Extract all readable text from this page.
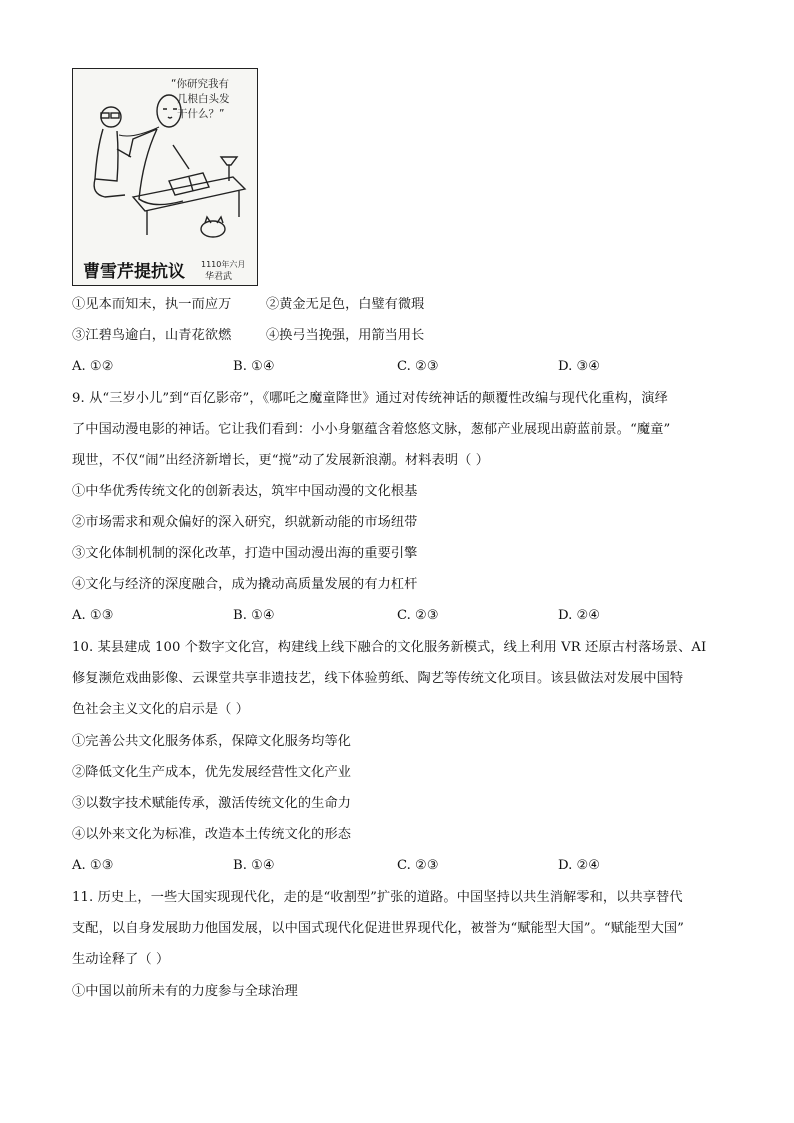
“你研究我有
几根白头发
干什么？”
曹雪芹提抗议 1110年六月
华君武
①见本而知末，执一而应万	②黄金无足色，白璧有微瑕
③江碧鸟逾白，山青花欲燃	④换弓当挽强，用箭当用长
A. ①②	B. ①④	C. ②③	D. ③④
9. 从“三岁小儿”到“百亿影帝”，《哪吒之魔童降世》通过对传统神话的颠覆性改编与现代化重构，演绎
了中国动漫电影的神话。它让我们看到：小小身躯蕴含着悠悠文脉，葱郁产业展现出蔚蓝前景。“魔童”
现世，不仅“闹”出经济新增长，更“搅”动了发展新浪潮。材料表明（ ）
①中华优秀传统文化的创新表达，筑牢中国动漫的文化根基
②市场需求和观众偏好的深入研究，织就新动能的市场纽带
③文化体制机制的深化改革，打造中国动漫出海的重要引擎
④文化与经济的深度融合，成为撬动高质量发展的有力杠杆
A. ①③	B. ①④	C. ②③	D. ②④
10. 某县建成 100 个数字文化宫，构建线上线下融合的文化服务新模式，线上利用 VR 还原古村落场景、AI
修复濒危戏曲影像、云课堂共享非遗技艺，线下体验剪纸、陶艺等传统文化项目。该县做法对发展中国特
色社会主义文化的启示是（ ）
①完善公共文化服务体系，保障文化服务均等化
②降低文化生产成本，优先发展经营性文化产业
③以数字技术赋能传承，激活传统文化的生命力
④以外来文化为标准，改造本土传统文化的形态
A. ①③	B. ①④	C. ②③	D. ②④
11. 历史上，一些大国实现现代化，走的是“收割型”扩张的道路。中国坚持以共生消解零和，以共享替代
支配，以自身发展助力他国发展，以中国式现代化促进世界现代化，被誉为“赋能型大国”。“赋能型大国”
生动诠释了（ ）
①中国以前所未有的力度参与全球治理
